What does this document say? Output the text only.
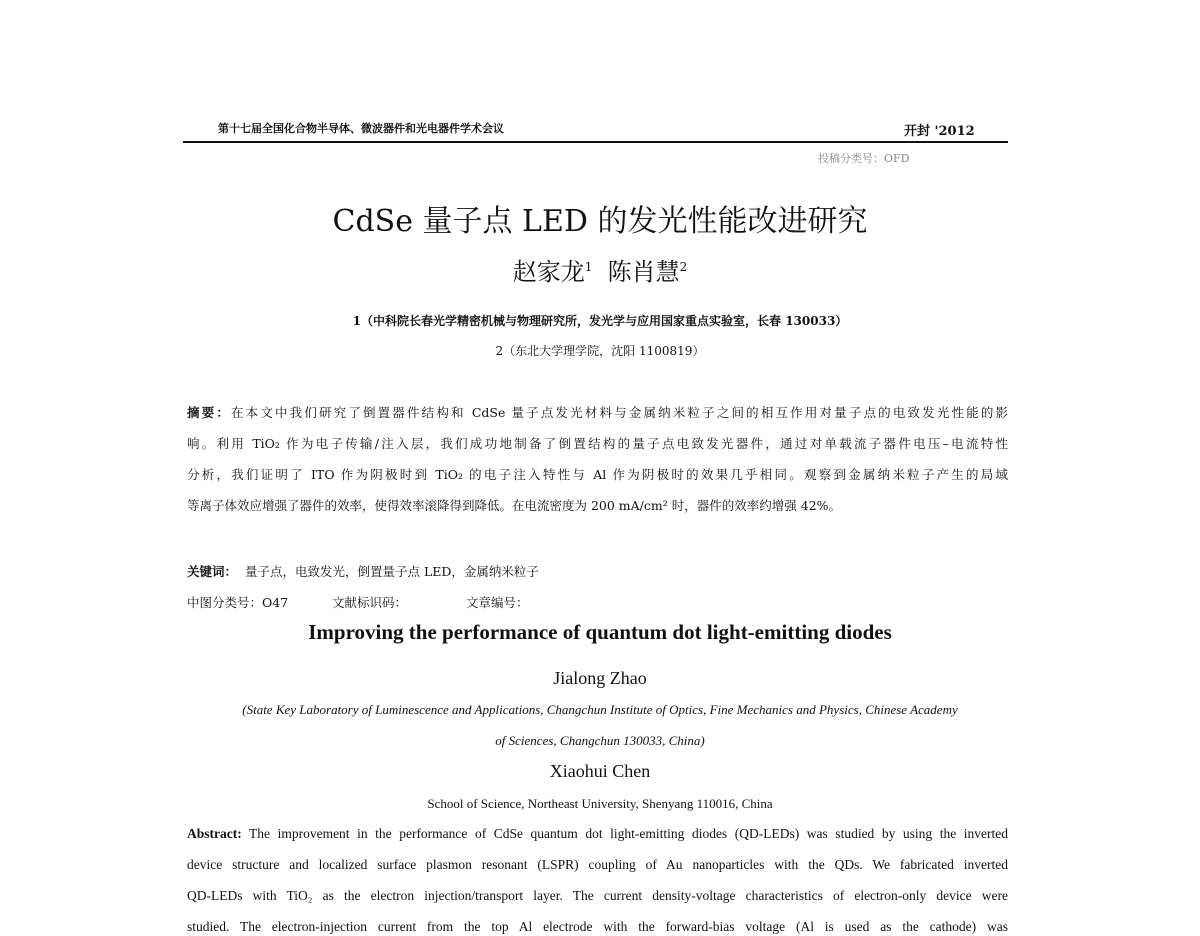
第十七届全国化合物半导体、微波器件和光电器件学术会议	开封 '2012
投稿分类号：OFD
CdSe 量子点 LED 的发光性能改进研究
赵家龙$^1$ 陈肖慧$^2$
1（中科院长春光学精密机械与物理研究所，发光学与应用国家重点实验室，长春 130033）
2（东北大学理学院，沈阳 1100819）
摘要：在本文中我们研究了倒置器件结构和 CdSe 量子点发光材料与金属纳米粒子之间的相互作用对量子点的电致发光性能的影
响。利用 TiO₂ 作为电子传输/注入层，我们成功地制备了倒置结构的量子点电致发光器件，通过对单载流子器件电压–电流特性
分析，我们证明了 ITO 作为阴极时到 TiO₂ 的电子注入特性与 Al 作为阴极时的效果几乎相同。观察到金属纳米粒子产生的局域
等离子体效应增强了器件的效率，使得效率滚降得到降低。在电流密度为 200 mA/cm² 时，器件的效率约增强 42%。
关键词： 量子点，电致发光，倒置量子点 LED，金属纳米粒子
中图分类号：O47	文献标识码：	文章编号：
Improving the performance of quantum dot light-emitting diodes
Jialong Zhao
(State Key Laboratory of Luminescence and Applications, Changchun Institute of Optics, Fine Mechanics and Physics, Chinese Academy
of Sciences, Changchun 130033, China)
Xiaohui Chen
School of Science, Northeast University, Shenyang 110016, China
Abstract: The improvement in the performance of CdSe quantum dot light-emitting diodes (QD-LEDs) was studied by using the inverted
device structure and localized surface plasmon resonant (LSPR) coupling of Au nanoparticles with the QDs. We fabricated inverted
QD-LEDs with TiO₂ as the electron injection/transport layer. The current density-voltage characteristics of electron-only device were
studied. The electron-injection current from the top Al electrode with the forward-bias voltage (Al is used as the cathode) was
